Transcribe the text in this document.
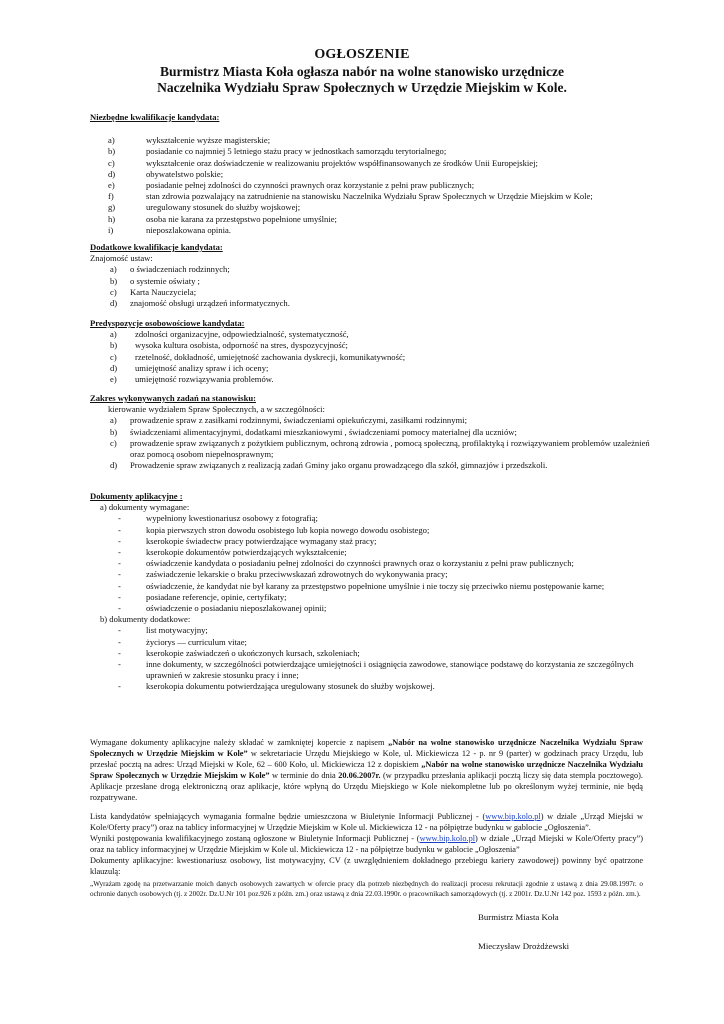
OGŁOSZENIE
Burmistrz Miasta Koła ogłasza nabór na wolne stanowisko urzędnicze
Naczelnika Wydziału Spraw Społecznych w Urzędzie Miejskim w Kole.
Niezbędne kwalifikacje kandydata:
a)	wykształcenie wyższe magisterskie;
b)	posiadanie co najmniej 5 letniego stażu pracy w jednostkach samorządu terytorialnego;
c)	wykształcenie oraz doświadczenie w realizowaniu projektów współfinansowanych ze środków Unii Europejskiej;
d)	obywatelstwo polskie;
e)	posiadanie pełnej zdolności do czynności prawnych oraz korzystanie z pełni praw publicznych;
f)	stan zdrowia pozwalający na zatrudnienie na stanowisku Naczelnika Wydziału Spraw Społecznych w Urzędzie Miejskim w Kole;
g)	uregulowany stosunek do służby wojskowej;
h)	osoba nie karana za przestępstwo popełnione umyślnie;
i)	nieposzlakowana opinia.
Dodatkowe kwalifikacje kandydata:
Znajomość ustaw:
a)	o świadczeniach rodzinnych;
b)	o systemie oświaty ;
c)	Karta Nauczyciela;
d)	znajomość obsługi urządzeń informatycznych.
Predyspozycje osobowościowe kandydata:
a)	zdolności organizacyjne, odpowiedzialność, systematyczność,
b)	wysoka kultura osobista, odporność na stres, dyspozycyjność;
c)	rzetelność, dokładność, umiejętność zachowania dyskrecji, komunikatywność;
d)	umiejętność analizy spraw i ich oceny;
e)	umiejętność rozwiązywania problemów.
Zakres wykonywanych zadań na stanowisku:
kierowanie wydziałem Spraw Społecznych, a w szczególności:
a)	prowadzenie spraw z zasiłkami rodzinnymi, świadczeniami opiekuńczymi, zasiłkami rodzinnymi;
b)	świadczeniami alimentacyjnymi, dodatkami mieszkaniowymi , świadczeniami pomocy materialnej dla uczniów;
c)	prowadzenie spraw związanych z pożytkiem publicznym, ochroną zdrowia , pomocą społeczną, profilaktyką i rozwiązywaniem problemów uzależnień oraz pomocą osobom niepełnosprawnym;
d)	Prowadzenie spraw związanych z realizacją zadań Gminy jako organu prowadzącego dla szkół, gimnazjów i przedszkoli.
Dokumenty aplikacyjne :
a) dokumenty wymagane:
-	wypełniony kwestionariusz osobowy z fotografią;
-	kopia pierwszych stron dowodu osobistego lub kopia nowego dowodu osobistego;
-	kserokopie świadectw pracy potwierdzające wymagany staż pracy;
-	kserokopie dokumentów potwierdzających wykształcenie;
-	oświadczenie kandydata o posiadaniu pełnej zdolności do czynności prawnych oraz o korzystaniu z pełni praw publicznych;
-	zaświadczenie lekarskie o braku przeciwwskazań zdrowotnych do wykonywania pracy;
-	oświadczenie, że kandydat nie był karany za przestępstwo popełnione umyślnie i nie toczy się przeciwko niemu postępowanie karne;
-	posiadane referencje, opinie, certyfikaty;
-	oświadczenie o posiadaniu nieposzlakowanej opinii;
b) dokumenty dodatkowe:
-	list motywacyjny;
-	życiorys — curriculum vitae;
-	kserokopie zaświadczeń o ukończonych kursach, szkoleniach;
-	inne dokumenty, w szczególności potwierdzające umiejętności i osiągnięcia zawodowe, stanowiące podstawę do korzystania ze szczególnych uprawnień w zakresie stosunku pracy i inne;
-	kserokopia dokumentu potwierdzająca uregulowany stosunek do służby wojskowej.
Wymagane dokumenty aplikacyjne należy składać w zamkniętej kopercie z napisem „Nabór na wolne stanowisko urzędnicze Naczelnika Wydziału Spraw Społecznych w Urzędzie Miejskim w Kole” w sekretariacie Urzędu Miejskiego w Kole, ul. Mickiewicza 12 - p. nr 9 (parter) w godzinach pracy Urzędu, lub przesłać pocztą na adres: Urząd Miejski w Kole, 62 – 600 Koło, ul. Mickiewicza 12 z dopiskiem „Nabór na wolne stanowisko urzędnicze Naczelnika Wydziału Spraw Społecznych w Urzędzie Miejskim w Kole” w terminie do dnia 20.06.2007r. (w przypadku przesłania aplikacji pocztą liczy się data stempla pocztowego). Aplikacje przesłane drogą elektroniczną oraz aplikacje, które wpłyną do Urzędu Miejskiego w Kole niekompletne lub po określonym wyżej terminie, nie będą rozpatrywane.
Lista kandydatów spełniających wymagania formalne będzie umieszczona w Biuletynie Informacji Publicznej - (www.bip.kolo.pl) w dziale „Urząd Miejski w Kole/Oferty pracy”) oraz na tablicy informacyjnej w Urzędzie Miejskim w Kole ul. Mickiewicza 12 - na półpiętrze budynku w gablocie „Ogłoszenia”.
Wyniki postępowania kwalifikacyjnego zostaną ogłoszone w Biuletynie Informacji Publicznej - (www.bip.kolo.pl) w dziale „Urząd Miejski w Kole/Oferty pracy”) oraz na tablicy informacyjnej w Urzędzie Miejskim w Kole ul. Mickiewicza 12 - na półpiętrze budynku w gablocie „Ogłoszenia”
Dokumenty aplikacyjne: kwestionariusz osobowy, list motywacyjny, CV (z uwzględnieniem dokładnego przebiegu kariery zawodowej) powinny być opatrzone klauzulą:
„Wyrażam zgodę na przetwarzanie moich danych osobowych zawartych w ofercie pracy dla potrzeb niezbędnych do realizacji procesu rekrutacji zgodnie z ustawą z dnia 29.08.1997r. o ochronie danych osobowych (tj. z 2002r. Dz.U.Nr 101 poz.926 z późn. zm.) oraz ustawą z dnia 22.03.1990r. o pracownikach samorządowych (tj. z 2001r. Dz.U.Nr 142 poz. 1593 z późn. zm.).
Burmistrz Miasta Koła
Mieczysław Drożdżewski
